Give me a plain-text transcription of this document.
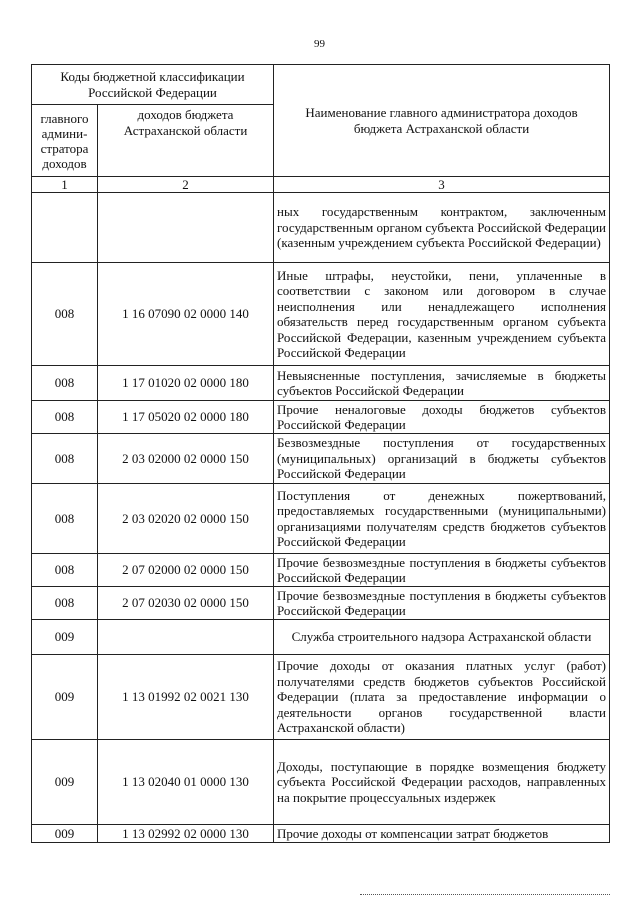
99
Коды бюджетной классификации Российской Федерации		Наименование главного администратора доходов бюджета Астраханской области
главного админи-стратора доходов	доходов бюджета Астраханской области	
1	2	3
		ных государственным контрактом, заключенным государственным органом субъекта Российской Федерации (казенным учреждением субъекта Российской Федерации)
008	1 16 07090 02 0000 140	Иные штрафы, неустойки, пени, уплаченные в соответствии с законом или договором в случае неисполнения или ненадлежащего исполнения обязательств перед государственным органом субъекта Российской Федерации, казенным учреждением субъекта Российской Федерации
008	1 17 01020 02 0000 180	Невыясненные поступления, зачисляемые в бюджеты субъектов Российской Федерации
008	1 17 05020 02 0000 180	Прочие неналоговые доходы бюджетов субъектов Российской Федерации
008	2 03 02000 02 0000 150	Безвозмездные поступления от государственных (муниципальных) организаций в бюджеты субъектов Российской Федерации
008	2 03 02020 02 0000 150	Поступления от денежных пожертвований, предоставляемых государственными (муниципальными) организациями получателям средств бюджетов субъектов Российской Федерации
008	2 07 02000 02 0000 150	Прочие безвозмездные поступления в бюджеты субъектов Российской Федерации
008	2 07 02030 02 0000 150	Прочие безвозмездные поступления в бюджеты субъектов Российской Федерации
009		Служба строительного надзора Астраханской области
009	1 13 01992 02 0021 130	Прочие доходы от оказания платных услуг (работ) получателями средств бюджетов субъектов Российской Федерации (плата за предоставление информации о деятельности органов государственной власти Астраханской области)
009	1 13 02040 01 0000 130	Доходы, поступающие в порядке возмещения бюджету субъекта Российской Федерации расходов, направленных на покрытие процессуальных издержек
009	1 13 02992 02 0000 130	Прочие доходы от компенсации затрат бюджетов
